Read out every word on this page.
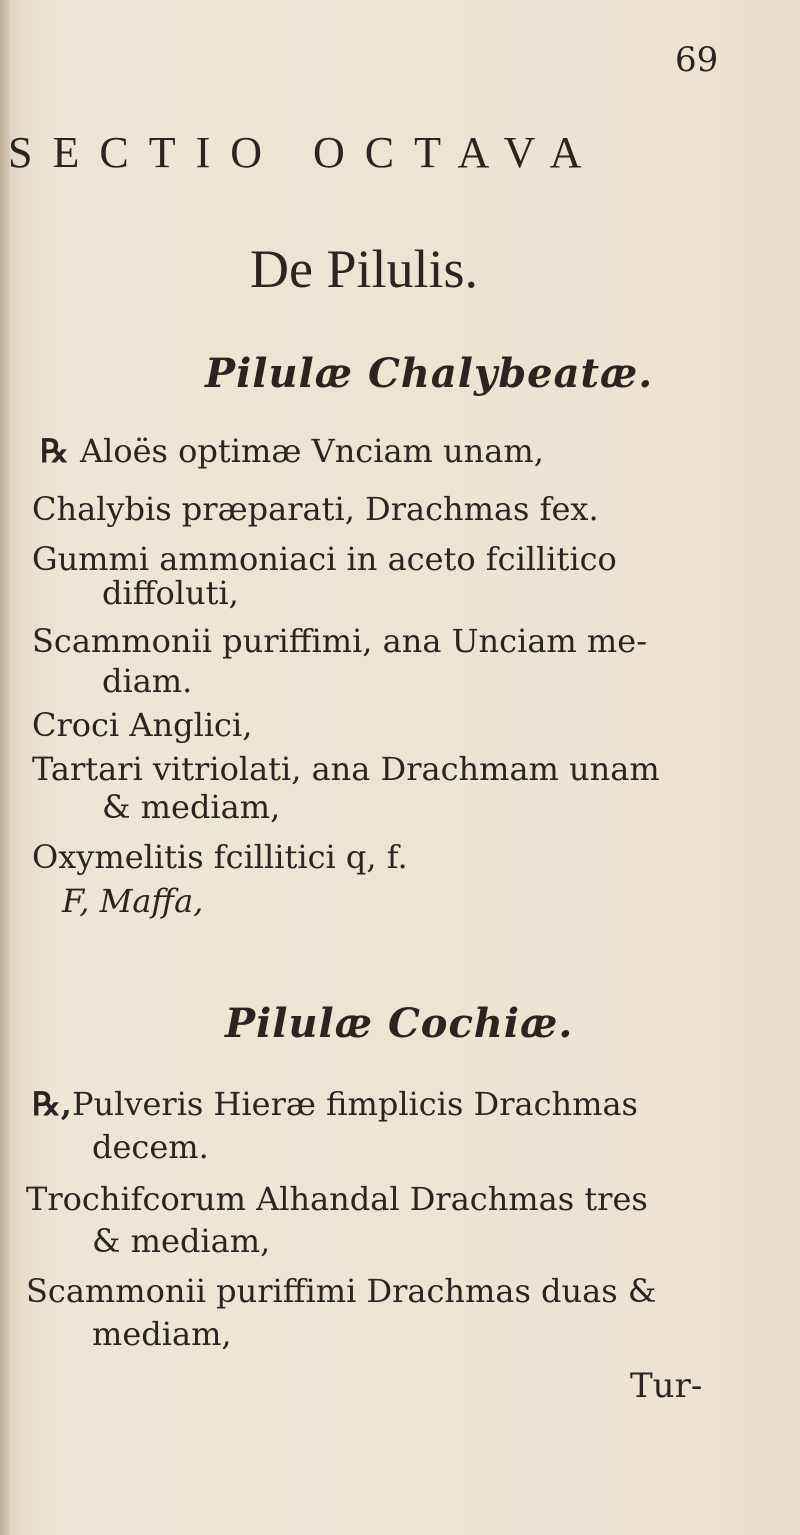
69
SECTIO OCTAVA
De Pilulis.
Pilulæ Chalybeatæ.
℞ Aloës optimæ Vnciam unam,
Chalybis præparati, Drachmas fex.
Gummi ammoniaci in aceto fcillitico
diffoluti,
Scammonii puriffimi, ana Unciam me-
diam.
Croci Anglici,
Tartari vitriolati, ana Drachmam unam
& mediam,
Oxymelitis fcillitici q, f.
F, Maffa,
Pilulæ Cochiæ.
℞,Pulveris Hieræ fimplicis Drachmas
decem.
Trochifcorum Alhandal Drachmas tres
& mediam,
Scammonii puriffimi Drachmas duas &
mediam,
Tur-
